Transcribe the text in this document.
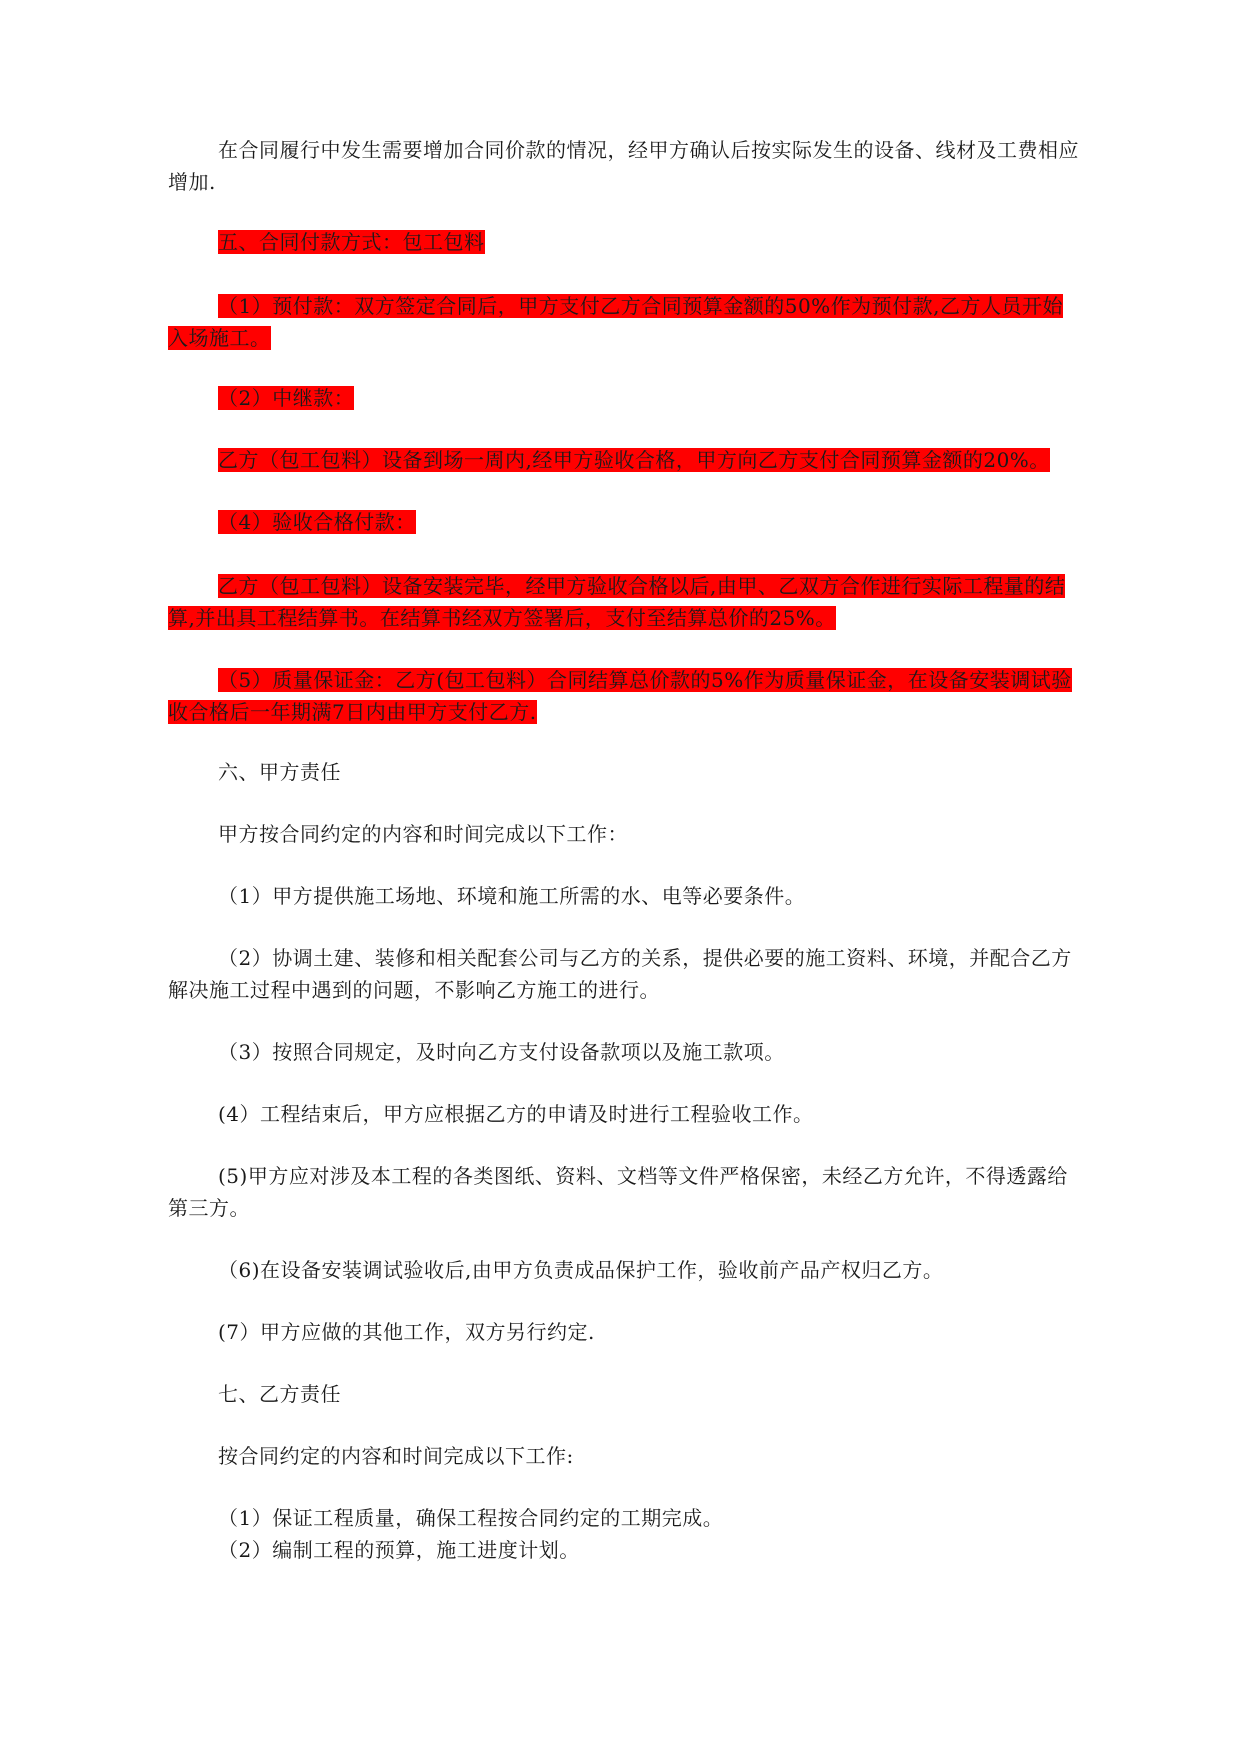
在合同履行中发生需要增加合同价款的情况，经甲方确认后按实际发生的设备、线材及工费相应增加.

五、合同付款方式：包工包料

（1）预付款：双方签定合同后，甲方支付乙方合同预算金额的50%作为预付款,乙方人员开始入场施工。

（2）中继款：

乙方（包工包料）设备到场一周内,经甲方验收合格，甲方向乙方支付合同预算金额的20%。

（4）验收合格付款：

乙方（包工包料）设备安装完毕，经甲方验收合格以后,由甲、乙双方合作进行实际工程量的结算,并出具工程结算书。在结算书经双方签署后，支付至结算总价的25%。

（5）质量保证金：乙方(包工包料）合同结算总价款的5%作为质量保证金，在设备安装调试验收合格后一年期满7日内由甲方支付乙方.

六、甲方责任

甲方按合同约定的内容和时间完成以下工作：

（1）甲方提供施工场地、环境和施工所需的水、电等必要条件。

（2）协调土建、装修和相关配套公司与乙方的关系，提供必要的施工资料、环境，并配合乙方解决施工过程中遇到的问题，不影响乙方施工的进行。

（3）按照合同规定，及时向乙方支付设备款项以及施工款项。

(4）工程结束后，甲方应根据乙方的申请及时进行工程验收工作。

(5)甲方应对涉及本工程的各类图纸、资料、文档等文件严格保密，未经乙方允许，不得透露给第三方。

（6)在设备安装调试验收后,由甲方负责成品保护工作，验收前产品产权归乙方。

(7）甲方应做的其他工作，双方另行约定.

七、乙方责任

按合同约定的内容和时间完成以下工作:

（1）保证工程质量，确保工程按合同约定的工期完成。

（2）编制工程的预算，施工进度计划。
